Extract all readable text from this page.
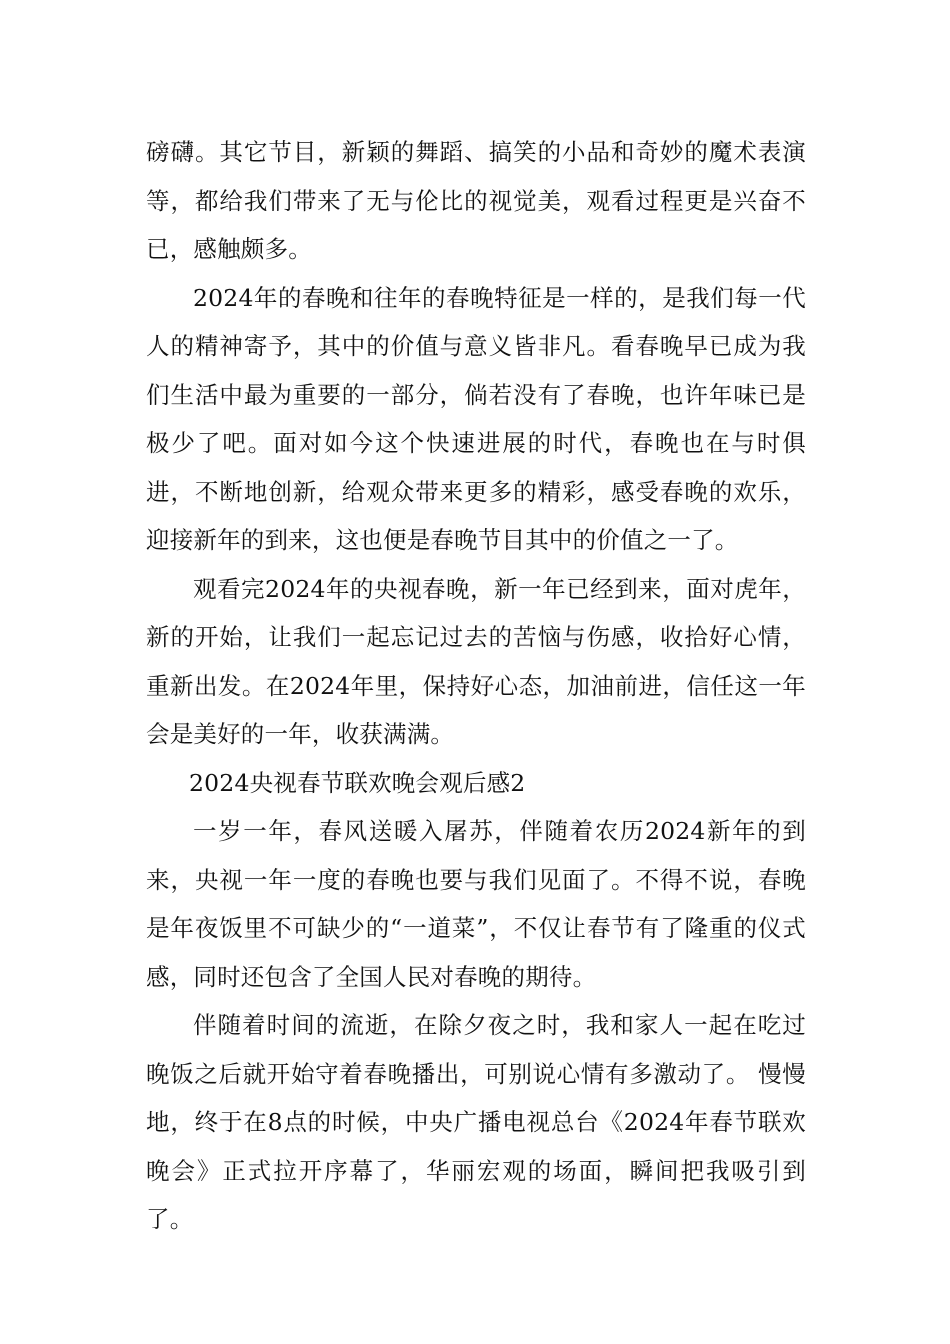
磅礴。其它节目，新颖的舞蹈、搞笑的小品和奇妙的魔术表演等，都给我们带来了无与伦比的视觉美，观看过程更是兴奋不已，感触颇多。

2024年的春晚和往年的春晚特征是一样的，是我们每一代人的精神寄予，其中的价值与意义皆非凡。看春晚早已成为我们生活中最为重要的一部分，倘若没有了春晚，也许年味已是极少了吧。面对如今这个快速进展的时代，春晚也在与时俱进，不断地创新，给观众带来更多的精彩，感受春晚的欢乐，迎接新年的到来，这也便是春晚节目其中的价值之一了。

观看完2024年的央视春晚，新一年已经到来，面对虎年，新的开始，让我们一起忘记过去的苦恼与伤感，收拾好心情，重新出发。在2024年里，保持好心态，加油前进，信任这一年会是美好的一年，收获满满。

2024央视春节联欢晚会观后感2

一岁一年，春风送暖入屠苏，伴随着农历2024新年的到来，央视一年一度的春晚也要与我们见面了。不得不说，春晚是年夜饭里不可缺少的“一道菜”，不仅让春节有了隆重的仪式感，同时还包含了全国人民对春晚的期待。

伴随着时间的流逝，在除夕夜之时，我和家人一起在吃过晚饭之后就开始守着春晚播出，可别说心情有多激动了。 慢慢地，终于在8点的时候，中央广播电视总台《2024年春节联欢晚会》正式拉开序幕了，华丽宏观的场面，瞬间把我吸引到了。
